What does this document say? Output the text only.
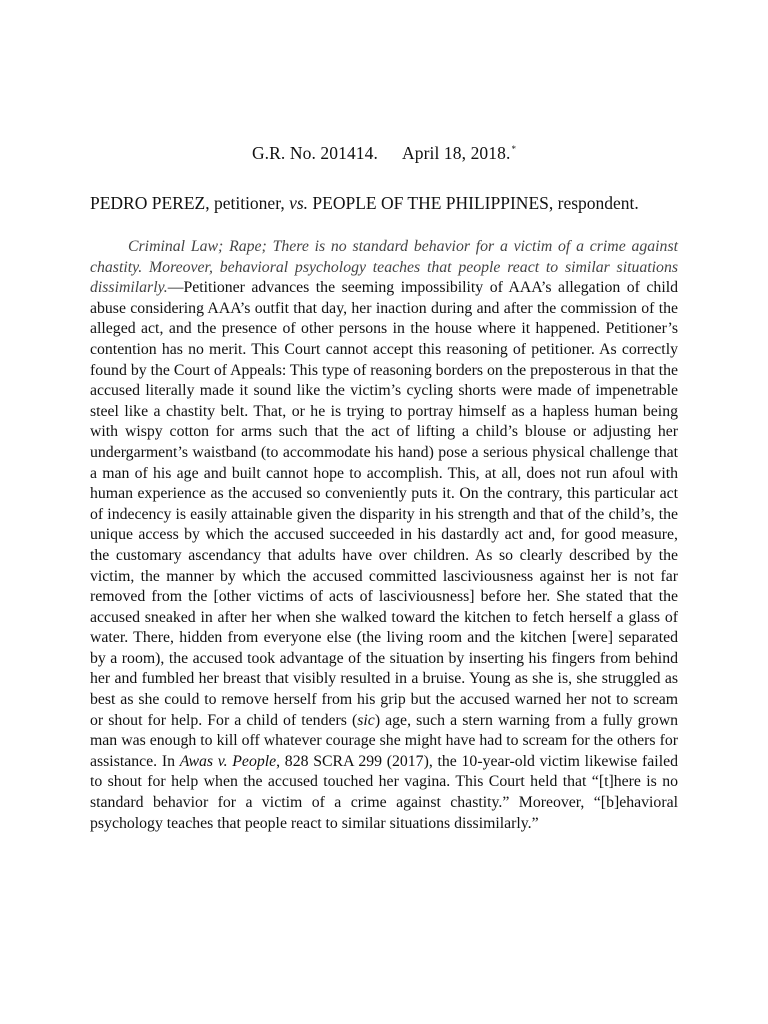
G.R. No. 201414. April 18, 2018.*
PEDRO PEREZ, petitioner, vs. PEOPLE OF THE PHILIPPINES, respondent.
Criminal Law; Rape; There is no standard behavior for a victim of a crime against chastity. Moreover, behavioral psychology teaches that people react to similar situations dissimilarly.—Petitioner advances the seeming impossibility of AAA’s allegation of child abuse considering AAA’s outfit that day, her inaction during and after the commission of the alleged act, and the presence of other persons in the house where it happened. Petitioner’s contention has no merit. This Court cannot accept this reasoning of petitioner. As correctly found by the Court of Appeals: This type of reasoning borders on the preposterous in that the accused literally made it sound like the victim’s cycling shorts were made of impenetrable steel like a chastity belt. That, or he is trying to portray himself as a hapless human being with wispy cotton for arms such that the act of lifting a child’s blouse or adjusting her undergarment’s waistband (to accommodate his hand) pose a serious physical challenge that a man of his age and built cannot hope to accomplish. This, at all, does not run afoul with human experience as the accused so conveniently puts it. On the contrary, this particular act of indecency is easily attainable given the disparity in his strength and that of the child’s, the unique access by which the accused succeeded in his dastardly act and, for good measure, the customary ascendancy that adults have over children. As so clearly described by the victim, the manner by which the accused committed lasciviousness against her is not far removed from the [other victims of acts of lasciviousness] before her. She stated that the accused sneaked in after her when she walked toward the kitchen to fetch herself a glass of water. There, hidden from everyone else (the living room and the kitchen [were] separated by a room), the accused took advantage of the situation by inserting his fingers from behind her and fumbled her breast that visibly resulted in a bruise. Young as she is, she struggled as best as she could to remove herself from his grip but the accused warned her not to scream or shout for help. For a child of tenders (sic) age, such a stern warning from a fully grown man was enough to kill off whatever courage she might have had to scream for the others for assistance. In Awas v. People, 828 SCRA 299 (2017), the 10-year-old victim likewise failed to shout for help when the accused touched her vagina. This Court held that “[t]here is no standard behavior for a victim of a crime against chastity.” Moreover, “[b]ehavioral psychology teaches that people react to similar situations dissimilarly.”
